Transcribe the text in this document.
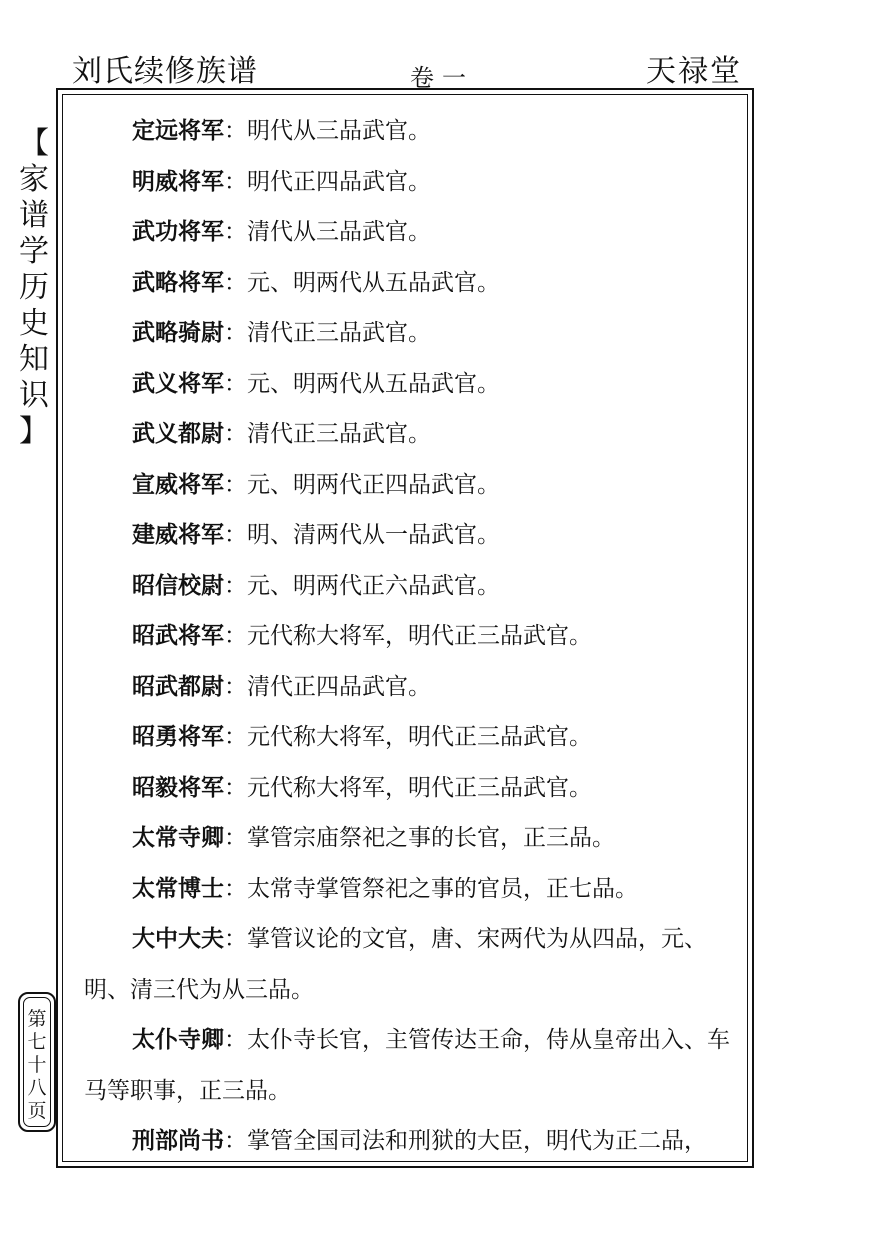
刘氏续修族谱	卷一	天禄堂
【
家
谱
学
历
史
知
识
】
第
七
十
八
页

定远将军：明代从三品武官。

明威将军：明代正四品武官。

武功将军：清代从三品武官。

武略将军：元、明两代从五品武官。

武略骑尉：清代正三品武官。

武义将军：元、明两代从五品武官。

武义都尉：清代正三品武官。

宣威将军：元、明两代正四品武官。

建威将军：明、清两代从一品武官。

昭信校尉：元、明两代正六品武官。

昭武将军：元代称大将军，明代正三品武官。

昭武都尉：清代正四品武官。

昭勇将军：元代称大将军，明代正三品武官。

昭毅将军：元代称大将军，明代正三品武官。

太常寺卿：掌管宗庙祭祀之事的长官，正三品。

太常博士：太常寺掌管祭祀之事的官员，正七品。

大中大夫：掌管议论的文官，唐、宋两代为从四品，元、明、清三代为从三品。

太仆寺卿：太仆寺长官，主管传达王命，侍从皇帝出入、车马等职事，正三品。

刑部尚书：掌管全国司法和刑狱的大臣，明代为正二品，
